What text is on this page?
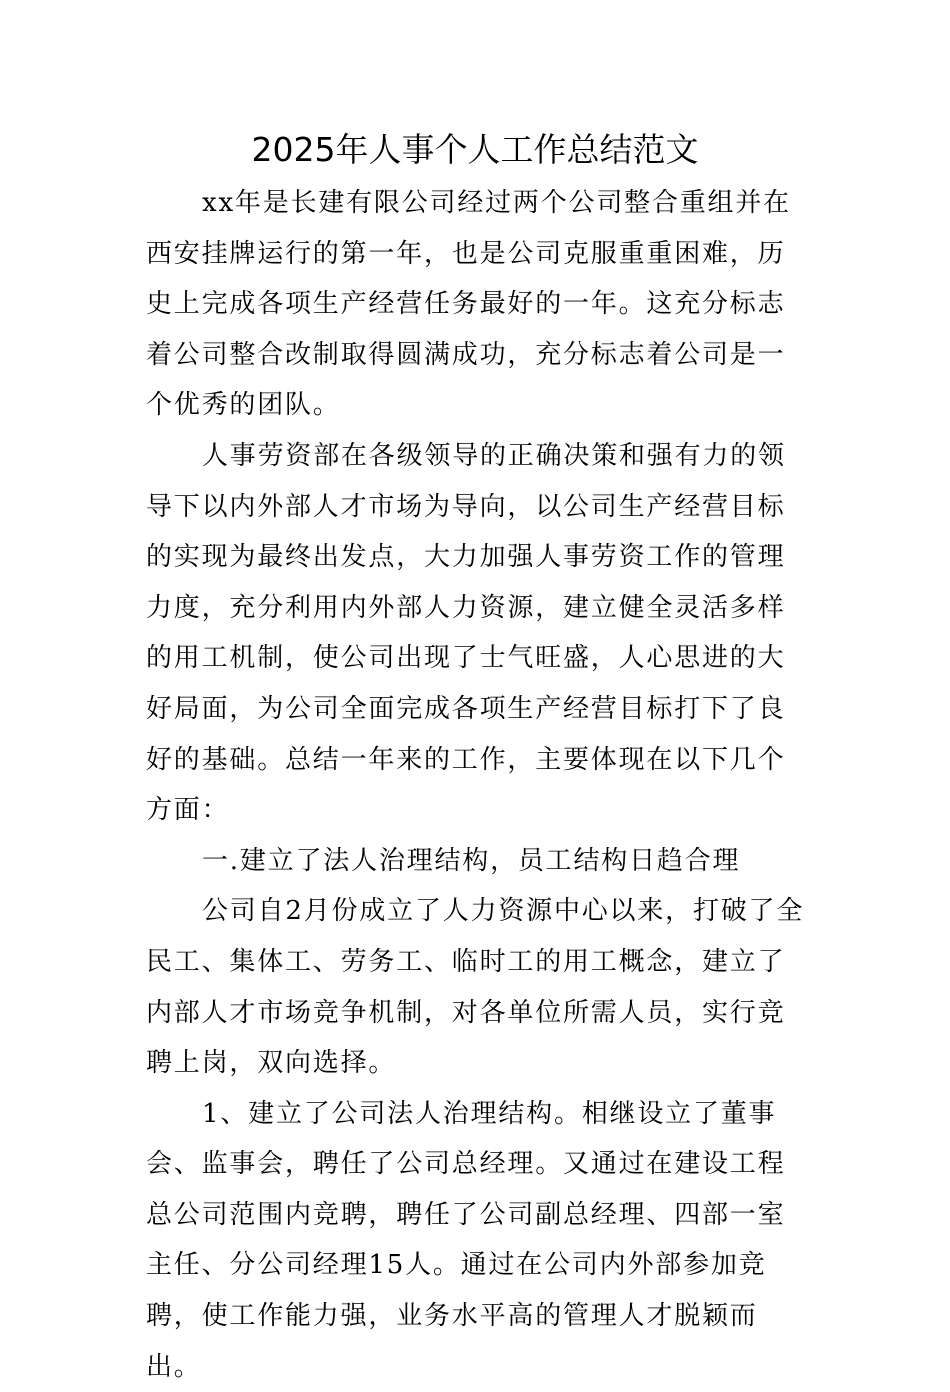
2025年人事个人工作总结范文

xx年是长建有限公司经过两个公司整合重组并在西安挂牌运行的第一年，也是公司克服重重困难，历史上完成各项生产经营任务最好的一年。这充分标志着公司整合改制取得圆满成功，充分标志着公司是一个优秀的团队。

人事劳资部在各级领导的正确决策和强有力的领导下以内外部人才市场为导向，以公司生产经营目标的实现为最终出发点，大力加强人事劳资工作的管理力度，充分利用内外部人力资源，建立健全灵活多样的用工机制，使公司出现了士气旺盛，人心思进的大好局面，为公司全面完成各项生产经营目标打下了良好的基础。总结一年来的工作，主要体现在以下几个方面：

一.建立了法人治理结构，员工结构日趋合理

公司自2月份成立了人力资源中心以来，打破了全民工、集体工、劳务工、临时工的用工概念，建立了内部人才市场竞争机制，对各单位所需人员，实行竞聘上岗，双向选择。

1、建立了公司法人治理结构。相继设立了董事会、监事会，聘任了公司总经理。又通过在建设工程总公司范围内竞聘，聘任了公司副总经理、四部一室主任、分公司经理15人。通过在公司内外部参加竞聘，使工作能力强，业务水平高的管理人才脱颖而出。
